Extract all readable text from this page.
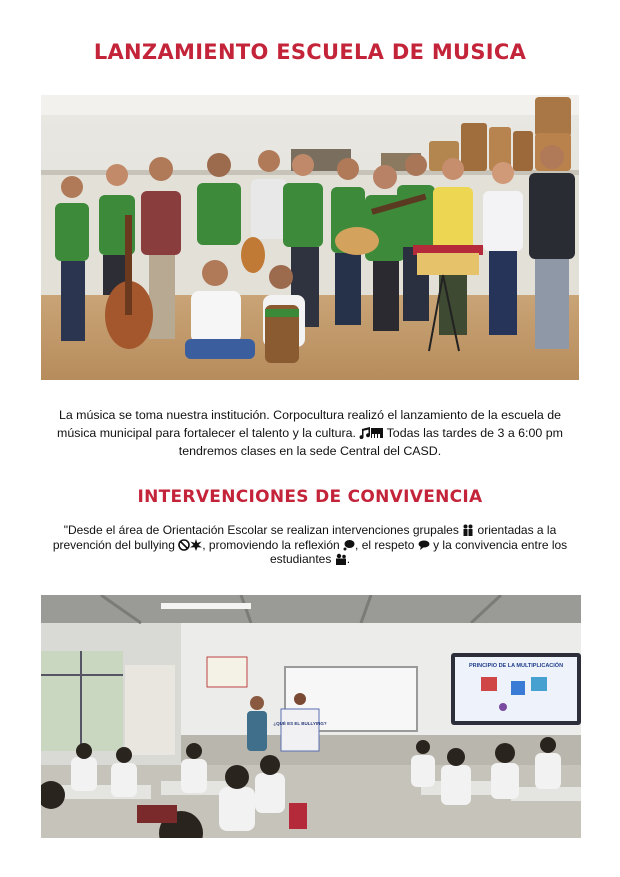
LANZAMIENTO ESCUELA DE MUSICA
La música se toma nuestra institución. Corpocultura realizó el lanzamiento de la escuela de música municipal para fortalecer el talento y la cultura. Todas las tardes de 3 a 6:00 pm tendremos clases en la sede Central del CASD.
INTERVENCIONES DE CONVIVENCIA
"Desde el área de Orientación Escolar se realizan intervenciones grupales orientadas a la prevención del bullying , promoviendo la reflexión , el respeto y la convivencia entre los estudiantes .
PRINCIPIO DE LA MULTIPLICACIÓN
¿QUÉ ES EL BULLYING?
